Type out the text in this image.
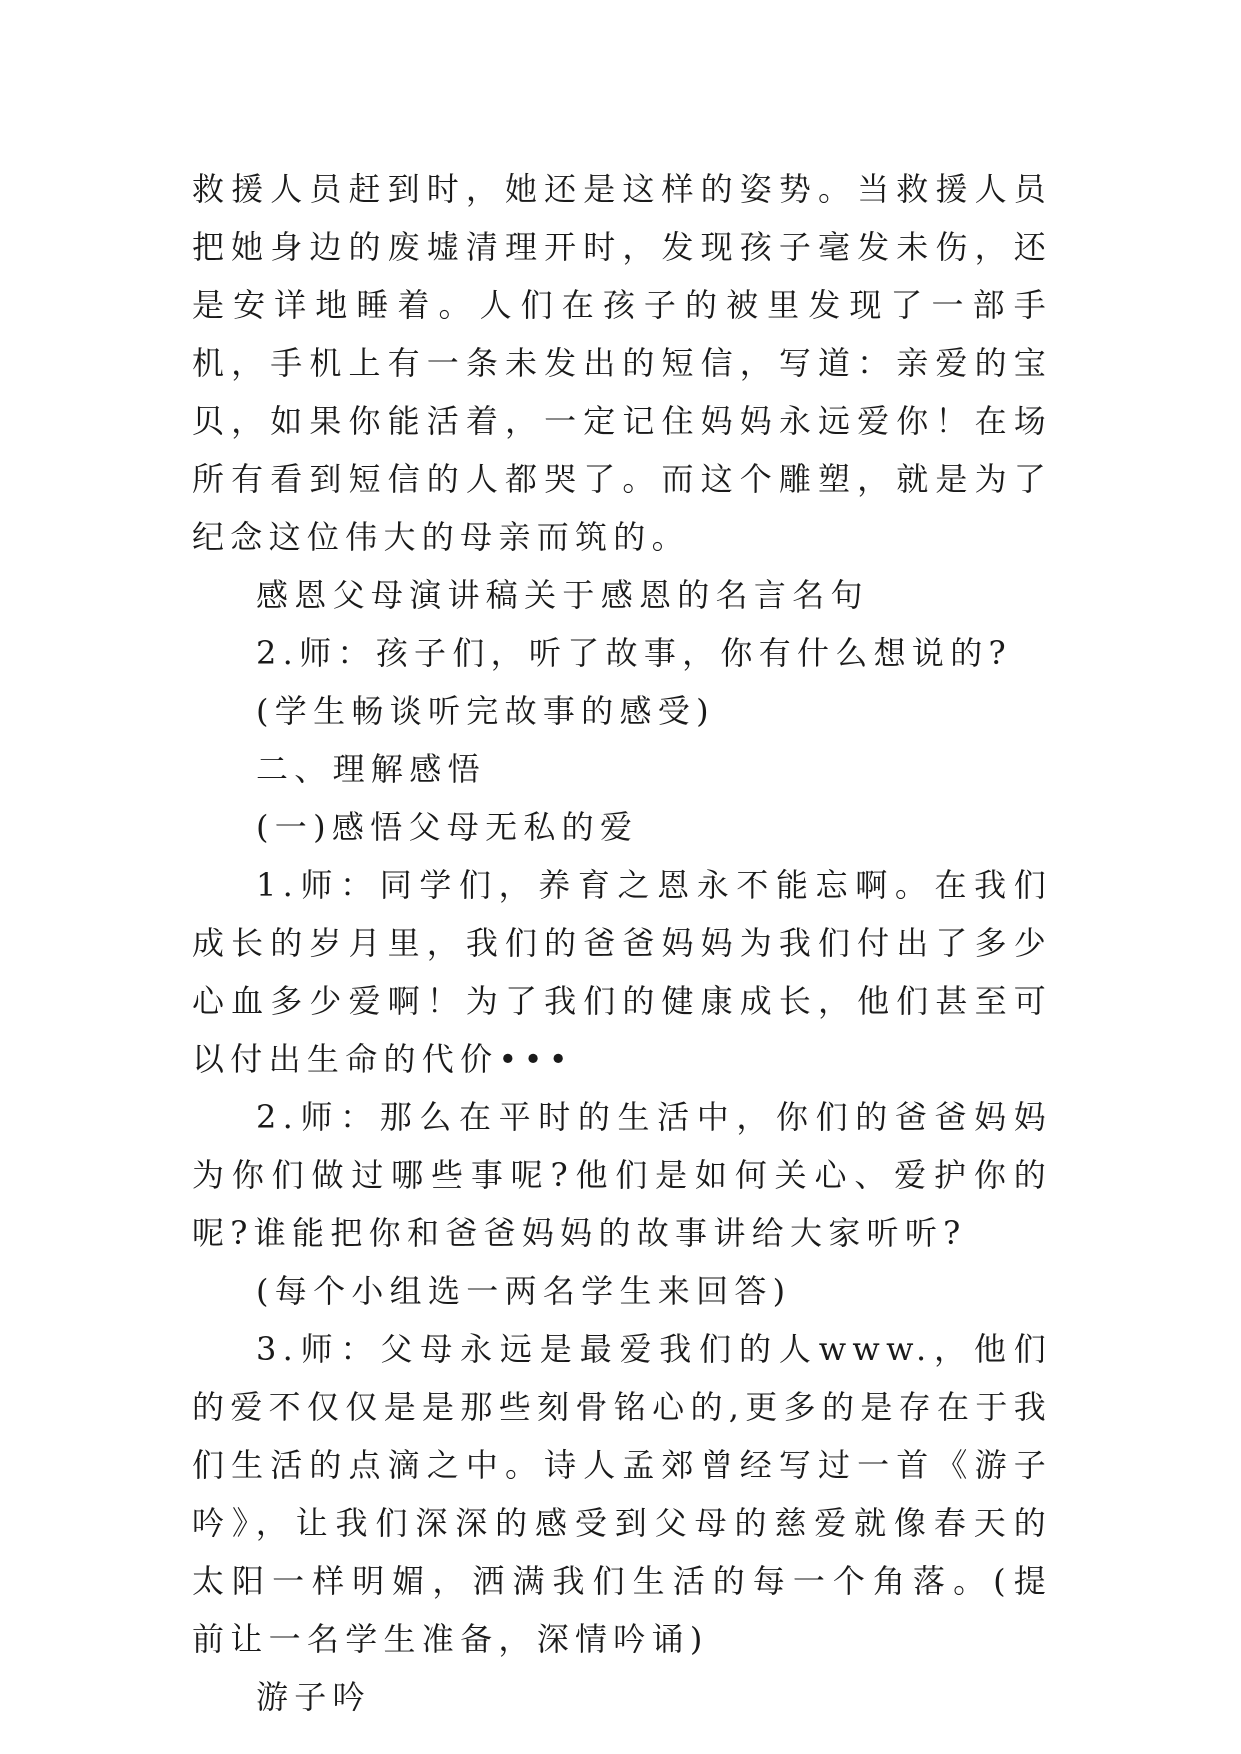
救援人员赶到时，她还是这样的姿势。当救援人员把她身边的废墟清理开时，发现孩子毫发未伤，还是安详地睡着。人们在孩子的被里发现了一部手机，手机上有一条未发出的短信，写道：亲爱的宝贝，如果你能活着，一定记住妈妈永远爱你！在场所有看到短信的人都哭了。而这个雕塑，就是为了纪念这位伟大的母亲而筑的。

感恩父母演讲稿关于感恩的名言名句

2.师：孩子们，听了故事，你有什么想说的?

(学生畅谈听完故事的感受)

二、理解感悟

(一)感悟父母无私的爱

1.师：同学们，养育之恩永不能忘啊。在我们成长的岁月里，我们的爸爸妈妈为我们付出了多少心血多少爱啊！为了我们的健康成长，他们甚至可以付出生命的代价•••

2.师：那么在平时的生活中，你们的爸爸妈妈为你们做过哪些事呢?他们是如何关心、爱护你的呢?谁能把你和爸爸妈妈的故事讲给大家听听?

(每个小组选一两名学生来回答)

3.师：父母永远是最爱我们的人www.，他们的爱不仅仅是是那些刻骨铭心的,更多的是存在于我们生活的点滴之中。诗人孟郊曾经写过一首《游子吟》，让我们深深的感受到父母的慈爱就像春天的太阳一样明媚，洒满我们生活的每一个角落。(提前让一名学生准备，深情吟诵)

游子吟
